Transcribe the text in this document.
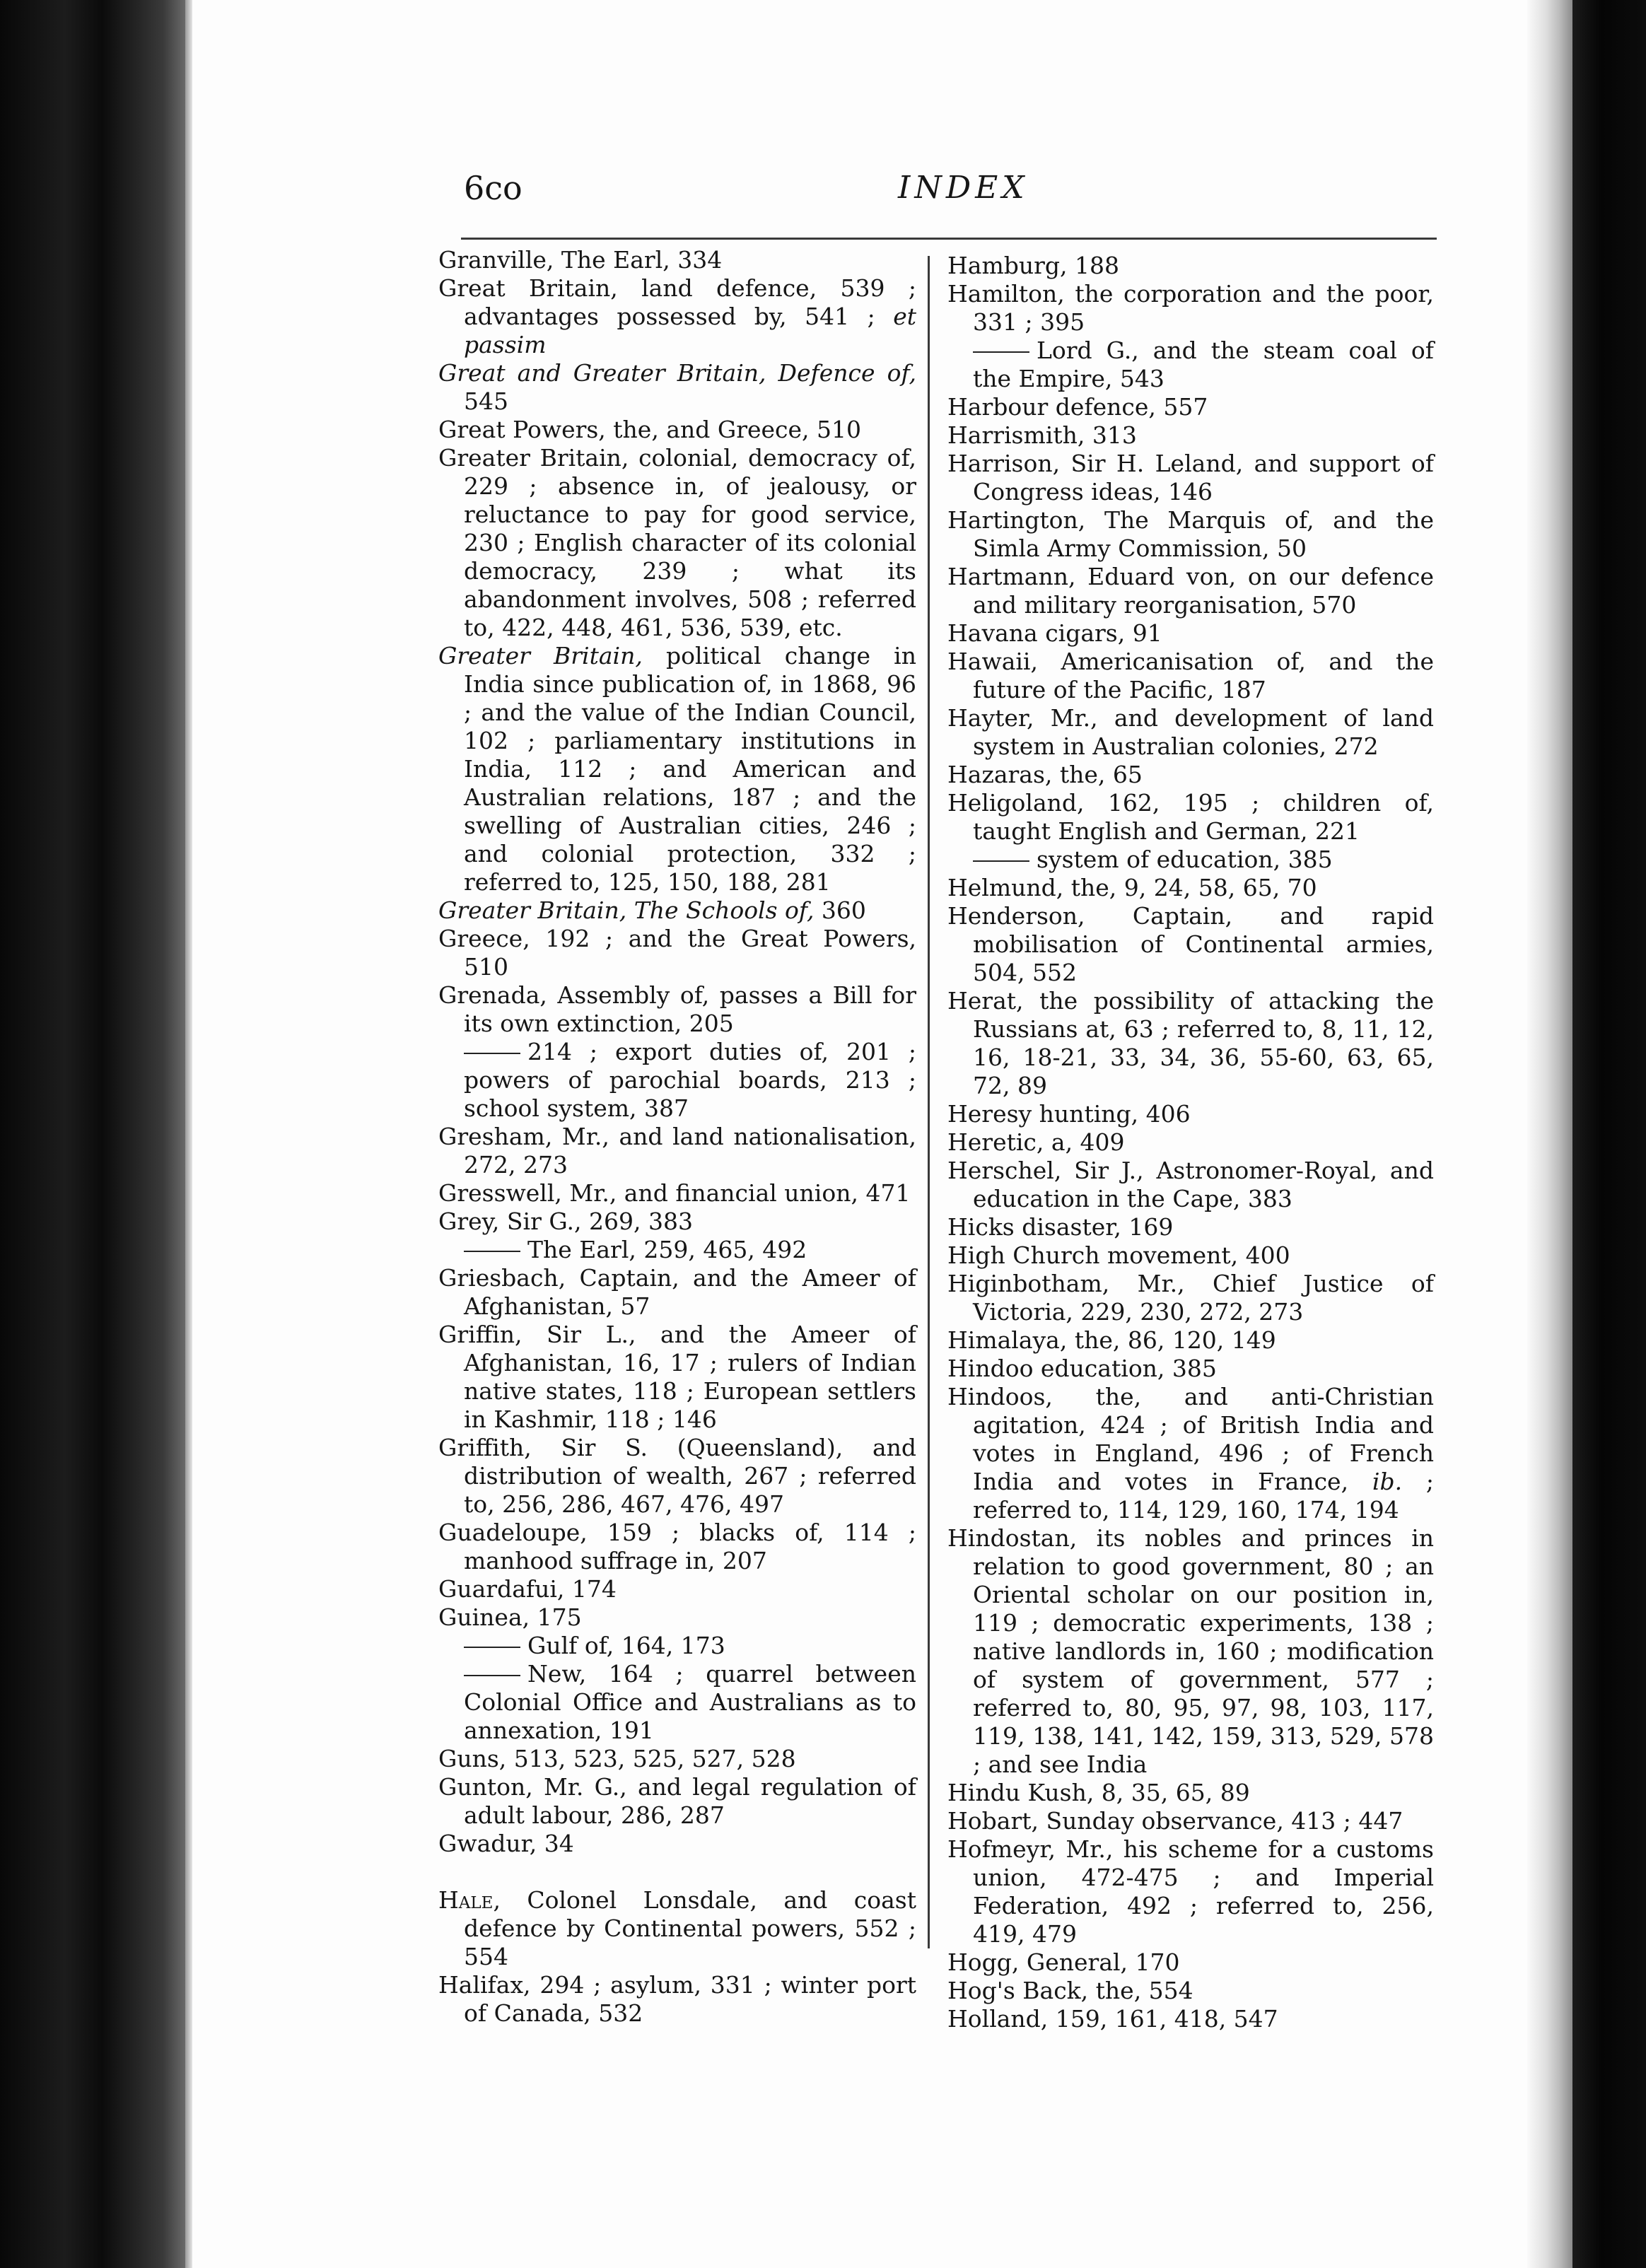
6co	INDEX
Granville, The Earl, 334
Great Britain, land defence, 539 ; advantages possessed by, 541 ; et passim
Great and Greater Britain, Defence of, 545
Great Powers, the, and Greece, 510
Greater Britain, colonial, democracy of, 229 ; absence in, of jealousy, or reluctance to pay for good service, 230 ; English character of its colonial democracy, 239 ; what its abandonment involves, 508 ; referred to, 422, 448, 461, 536, 539, etc.
Greater Britain, political change in India since publication of, in 1868, 96 ; and the value of the Indian Council, 102 ; parliamentary institutions in India, 112 ; and American and Australian relations, 187 ; and the swelling of Australian cities, 246 ; and colonial protection, 332 ; referred to, 125, 150, 188, 281
Greater Britain, The Schools of, 360
Greece, 192 ; and the Great Powers, 510
Grenada, Assembly of, passes a Bill for its own extinction, 205
214 ; export duties of, 201 ; powers of parochial boards, 213 ; school system, 387
Gresham, Mr., and land nationalisation, 272, 273
Gresswell, Mr., and financial union, 471
Grey, Sir G., 269, 383
The Earl, 259, 465, 492
Griesbach, Captain, and the Ameer of Afghanistan, 57
Griffin, Sir L., and the Ameer of Afghanistan, 16, 17 ; rulers of Indian native states, 118 ; European settlers in Kashmir, 118 ; 146
Griffith, Sir S. (Queensland), and distribution of wealth, 267 ; referred to, 256, 286, 467, 476, 497
Guadeloupe, 159 ; blacks of, 114 ; manhood suffrage in, 207
Guardafui, 174
Guinea, 175
Gulf of, 164, 173
New, 164 ; quarrel between Colonial Office and Australians as to annexation, 191
Guns, 513, 523, 525, 527, 528
Gunton, Mr. G., and legal regulation of adult labour, 286, 287
Gwadur, 34
Hale, Colonel Lonsdale, and coast defence by Continental powers, 552 ; 554
Halifax, 294 ; asylum, 331 ; winter port of Canada, 532
Hamburg, 188
Hamilton, the corporation and the poor, 331 ; 395
Lord G., and the steam coal of the Empire, 543
Harbour defence, 557
Harrismith, 313
Harrison, Sir H. Leland, and support of Congress ideas, 146
Hartington, The Marquis of, and the Simla Army Commission, 50
Hartmann, Eduard von, on our defence and military reorganisation, 570
Havana cigars, 91
Hawaii, Americanisation of, and the future of the Pacific, 187
Hayter, Mr., and development of land system in Australian colonies, 272
Hazaras, the, 65
Heligoland, 162, 195 ; children of, taught English and German, 221
system of education, 385
Helmund, the, 9, 24, 58, 65, 70
Henderson, Captain, and rapid mobilisation of Continental armies, 504, 552
Herat, the possibility of attacking the Russians at, 63 ; referred to, 8, 11, 12, 16, 18-21, 33, 34, 36, 55-60, 63, 65, 72, 89
Heresy hunting, 406
Heretic, a, 409
Herschel, Sir J., Astronomer-Royal, and education in the Cape, 383
Hicks disaster, 169
High Church movement, 400
Higinbotham, Mr., Chief Justice of Victoria, 229, 230, 272, 273
Himalaya, the, 86, 120, 149
Hindoo education, 385
Hindoos, the, and anti-Christian agitation, 424 ; of British India and votes in England, 496 ; of French India and votes in France, ib. ; referred to, 114, 129, 160, 174, 194
Hindostan, its nobles and princes in relation to good government, 80 ; an Oriental scholar on our position in, 119 ; democratic experiments, 138 ; native landlords in, 160 ; modification of system of government, 577 ; referred to, 80, 95, 97, 98, 103, 117, 119, 138, 141, 142, 159, 313, 529, 578 ; and see India
Hindu Kush, 8, 35, 65, 89
Hobart, Sunday observance, 413 ; 447
Hofmeyr, Mr., his scheme for a customs union, 472-475 ; and Imperial Federation, 492 ; referred to, 256, 419, 479
Hogg, General, 170
Hog's Back, the, 554
Holland, 159, 161, 418, 547
